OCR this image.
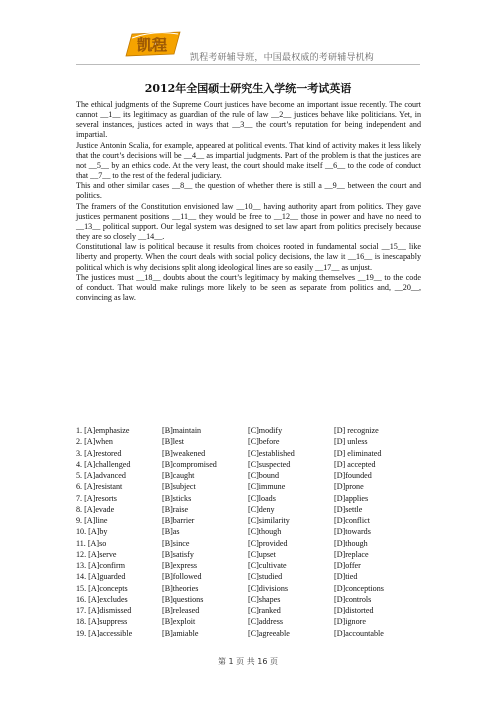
凯程
凯程考研辅导班，中国最权威的考研辅导机构
2012年全国硕士研究生入学统一考试英语

The ethical judgments of the Supreme Court justices have become an important issue recently. The court cannot __1__ its legitimacy as guardian of the rule of law __2__ justices behave like politicians. Yet, in several instances, justices acted in ways that __3__ the court’s reputation for being independent and impartial.

Justice Antonin Scalia, for example, appeared at political events. That kind of activity makes it less likely that the court’s decisions will be __4__ as impartial judgments. Part of the problem is that the justices are not __5__ by an ethics code. At the very least, the court should make itself __6__ to the code of conduct that __7__ to the rest of the federal judiciary.

This and other similar cases __8__ the question of whether there is still a __9__ between the court and politics.

The framers of the Constitution envisioned law __10__ having authority apart from politics. They gave justices permanent positions __11__ they would be free to __12__ those in power and have no need to __13__ political support. Our legal system was designed to set law apart from politics precisely because they are so closely __14__.

Constitutional law is political because it results from choices rooted in fundamental social __15__ like liberty and property. When the court deals with social policy decisions, the law it __16__ is inescapably political which is why decisions split along ideological lines are so easily __17__ as unjust.

The justices must __18__ doubts about the court’s legitimacy by making themselves __19__ to the code of conduct. That would make rulings more likely to be seen as separate from politics and, __20__, convincing as law.

1. [A]emphasize	[B]maintain	[C]modify	[D] recognize
2. [A]when	[B]lest	[C]before	[D] unless
3. [A]restored	[B]weakened	[C]established	[D] eliminated
4. [A]challenged	[B]compromised	[C]suspected	[D] accepted
5. [A]advanced	[B]caught	[C]bound	[D]founded
6. [A]resistant	[B]subject	[C]immune	[D]prone
7. [A]resorts	[B]sticks	[C]loads	[D]applies
8. [A]evade	[B]raise	[C]deny	[D]settle
9. [A]line	[B]barrier	[C]similarity	[D]conflict
10. [A]by	[B]as	[C]though	[D]towards
11. [A]so	[B]since	[C]provided	[D]though
12. [A]serve	[B]satisfy	[C]upset	[D]replace
13. [A]confirm	[B]express	[C]cultivate	[D]offer
14. [A]guarded	[B]followed	[C]studied	[D]tied
15. [A]concepts	[B]theories	[C]divisions	[D]conceptions
16. [A]excludes	[B]questions	[C]shapes	[D]controls
17. [A]dismissed	[B]released	[C]ranked	[D]distorted
18. [A]suppress	[B]exploit	[C]address	[D]ignore
19. [A]accessible	[B]amiable	[C]agreeable	[D]accountable
第 1 页 共 16 页
